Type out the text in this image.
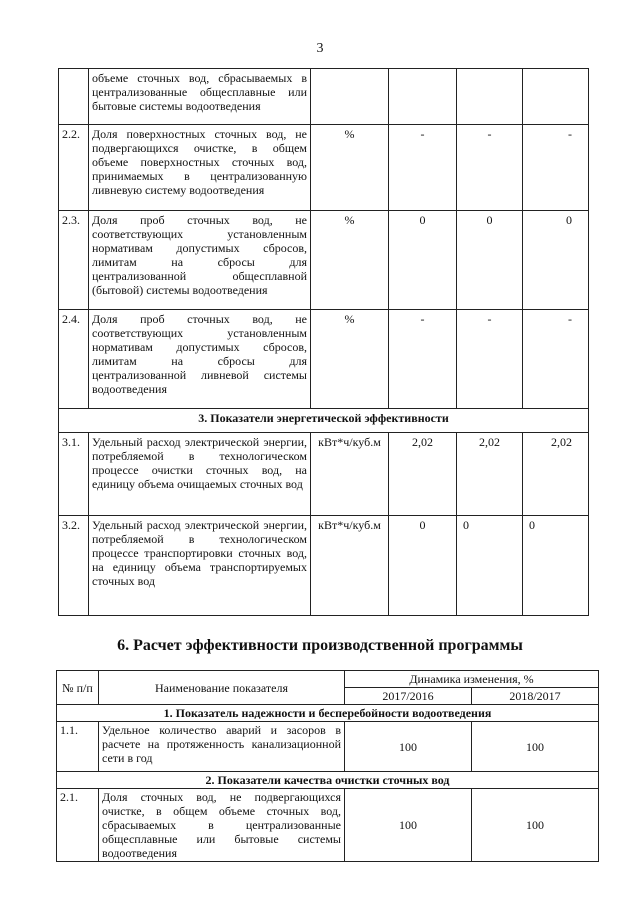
3
	объеме сточных вод, сбрасываемых в централизованные общесплавные или бытовые системы водоотведения				
2.2.	Доля поверхностных сточных вод, не подвергающихся очистке, в общем объеме поверхностных сточных вод, принимаемых в централизованную ливневую систему водоотведения	%	-	-	-
2.3.	Доля проб сточных вод, не соответствующих установленным нормативам допустимых сбросов, лимитам на сбросы для централизованной общесплавной (бытовой) системы водоотведения	%	0	0	0
2.4.	Доля проб сточных вод, не соответствующих установленным нормативам допустимых сбросов, лимитам на сбросы для централизованной ливневой системы водоотведения	%	-	-	-
3. Показатели энергетической эффективности					
3.1.	Удельный расход электрической энергии, потребляемой в технологическом процессе очистки сточных вод, на единицу объема очищаемых сточных вод	кВт*ч/куб.м	2,02	2,02	2,02
3.2.	Удельный расход электрической энергии, потребляемой в технологическом процессе транспортировки сточных вод, на единицу объема транспортируемых сточных вод	кВт*ч/куб.м	0	0	0
6. Расчет эффективности производственной программы
№ п/п	Наименование показателя	Динамика изменения, %	
		2017/2016	2018/2017
1. Показатель надежности и бесперебойности водоотведения			
1.1.	Удельное количество аварий и засоров в расчете на протяженность канализационной сети в год	100	100
2. Показатели качества очистки сточных вод			
2.1.	Доля сточных вод, не подвергающихся очистке, в общем объеме сточных вод, сбрасываемых в централизованные общесплавные или бытовые системы водоотведения	100	100
